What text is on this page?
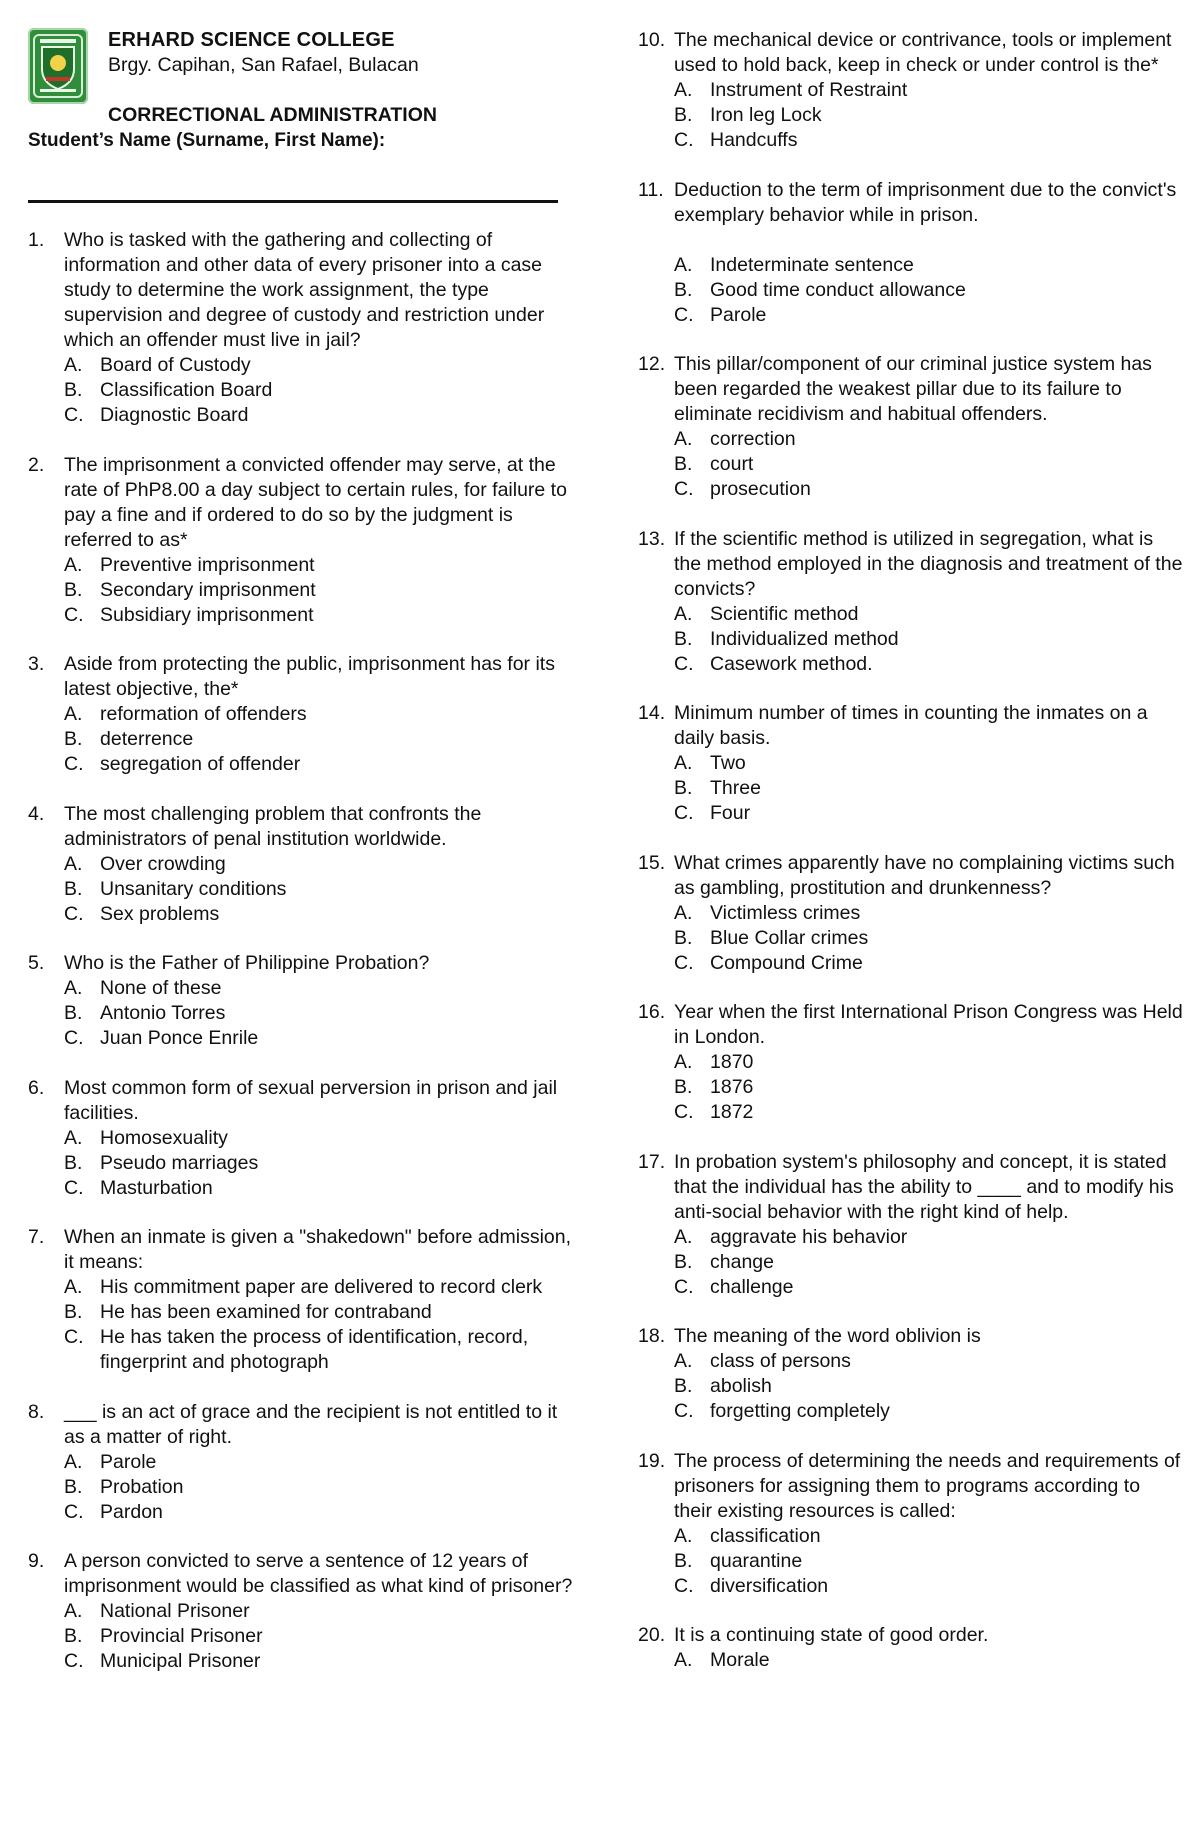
ERHARD SCIENCE COLLEGE
Brgy. Capihan, San Rafael, Bulacan
CORRECTIONAL ADMINISTRATION
Student’s Name (Surname, First Name):
1.	Who is tasked with the gathering and collecting of information and other data of every prisoner into a case study to determine the work assignment, the type supervision and degree of custody and restriction under which an offender must live in jail?
A. Board of Custody
B. Classification Board
C. Diagnostic Board
2.	The imprisonment a convicted offender may serve, at the rate of PhP8.00 a day subject to certain rules, for failure to pay a fine and if ordered to do so by the judgment is referred to as*
A. Preventive imprisonment
B. Secondary imprisonment
C. Subsidiary imprisonment
3.	Aside from protecting the public, imprisonment has for its latest objective, the*
A. reformation of offenders
B. deterrence
C. segregation of offender
4.	The most challenging problem that confronts the administrators of penal institution worldwide.
A. Over crowding
B. Unsanitary conditions
C. Sex problems
5.	Who is the Father of Philippine Probation?
A. None of these
B. Antonio Torres
C. Juan Ponce Enrile
6.	Most common form of sexual perversion in prison and jail facilities.
A. Homosexuality
B. Pseudo marriages
C. Masturbation
7.	When an inmate is given a "shakedown" before admission, it means:
A. His commitment paper are delivered to record clerk
B. He has been examined for contraband
C. He has taken the process of identification, record, fingerprint and photograph
8.	___ is an act of grace and the recipient is not entitled to it as a matter of right.
A. Parole
B. Probation
C. Pardon
9.	A person convicted to serve a sentence of 12 years of imprisonment would be classified as what kind of prisoner?
A. National Prisoner
B. Provincial Prisoner
C. Municipal Prisoner
10. The mechanical device or contrivance, tools or implement used to hold back, keep in check or under control is the*
A. Instrument of Restraint
B. Iron leg Lock
C. Handcuffs
11. Deduction to the term of imprisonment due to the convict's exemplary behavior while in prison.
A. Indeterminate sentence
B. Good time conduct allowance
C. Parole
12. This pillar/component of our criminal justice system has been regarded the weakest pillar due to its failure to eliminate recidivism and habitual offenders.
A. correction
B. court
C. prosecution
13. If the scientific method is utilized in segregation, what is the method employed in the diagnosis and treatment of the convicts?
A. Scientific method
B. Individualized method
C. Casework method.
14. Minimum number of times in counting the inmates on a daily basis.
A. Two
B. Three
C. Four
15. What crimes apparently have no complaining victims such as gambling, prostitution and drunkenness?
A. Victimless crimes
B. Blue Collar crimes
C. Compound Crime
16. Year when the first International Prison Congress was Held in London.
A. 1870
B. 1876
C. 1872
17. In probation system's philosophy and concept, it is stated that the individual has the ability to ____ and to modify his anti-social behavior with the right kind of help.
A. aggravate his behavior
B. change
C. challenge
18. The meaning of the word oblivion is
A. class of persons
B. abolish
C. forgetting completely
19. The process of determining the needs and requirements of prisoners for assigning them to programs according to their existing resources is called:
A. classification
B. quarantine
C. diversification
20. It is a continuing state of good order.
A. Morale
